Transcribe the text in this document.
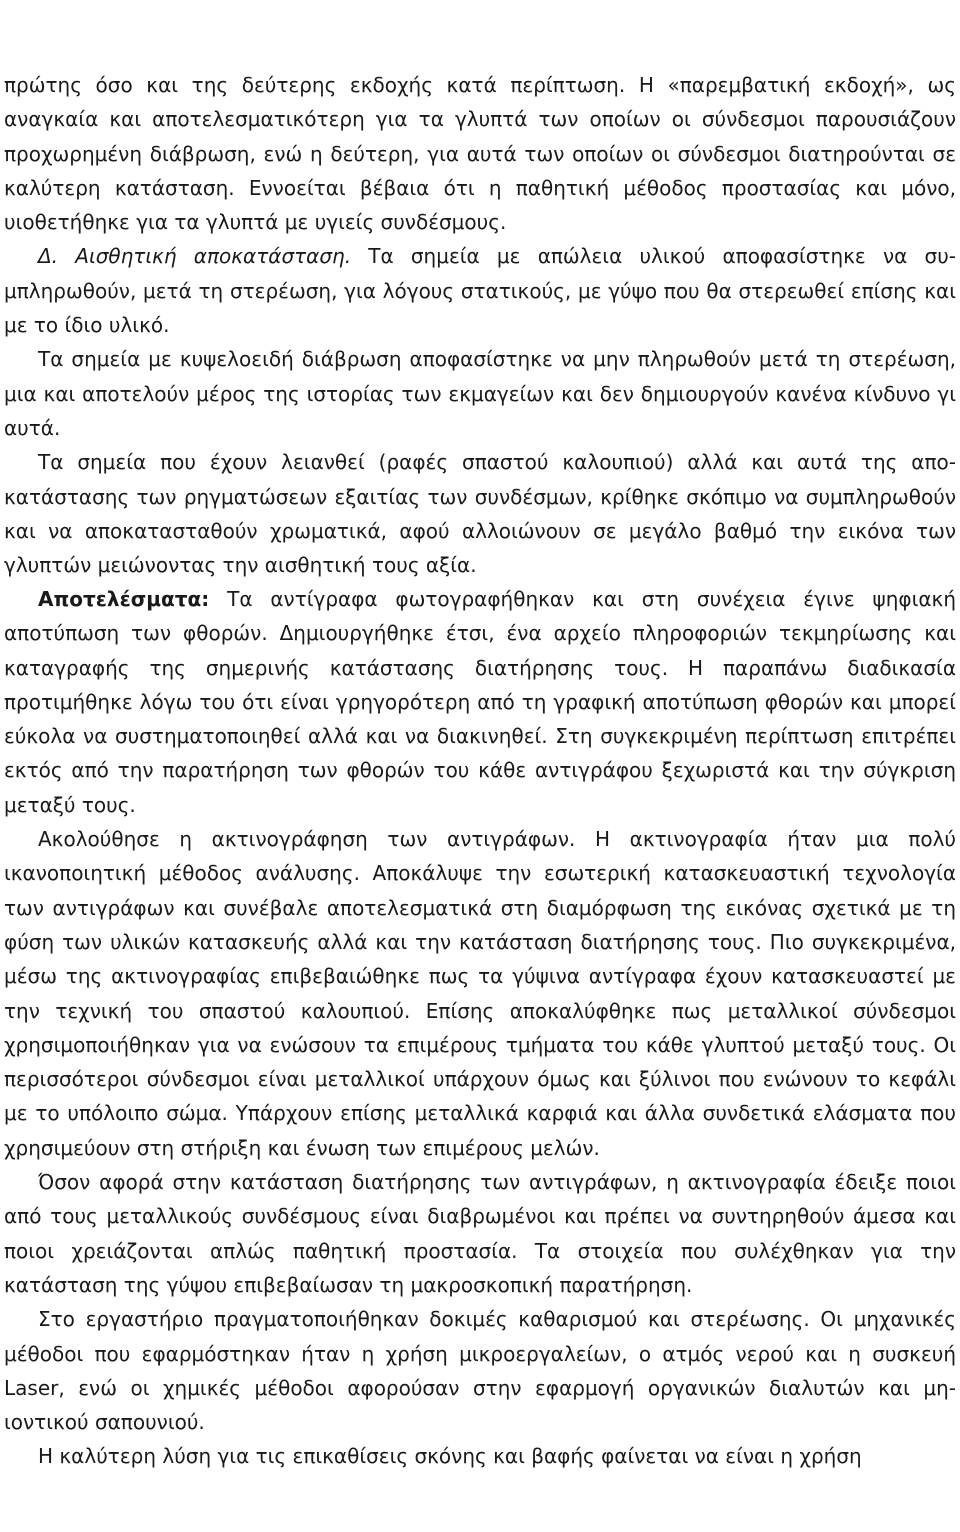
πρώτης όσο και της δεύτερης εκδοχής κατά περίπτωση. Η «παρεμβατική εκδοχή», ως αναγκαία και αποτελεσματικότερη για τα γλυπτά των οποίων οι σύνδεσμοι παρουσιάζουν προχωρημένη διάβρωση, ενώ η δεύτερη, για αυτά των οποίων οι σύνδεσμοι διατηρούνται σε καλύτερη κατάσταση. Εννοείται βέβαια ότι η παθητική μέθοδος προστασίας και μόνο, υιοθετήθηκε για τα γλυπτά με υγιείς συνδέσμους.

Δ. Αισθητική αποκατάσταση. Τα σημεία με απώλεια υλικού αποφασίστηκε να συμπληρωθούν, μετά τη στερέωση, για λόγους στατικούς, με γύψο που θα στερεωθεί επίσης και με το ίδιο υλικό.

Τα σημεία με κυψελοειδή διάβρωση αποφασίστηκε να μην πληρωθούν μετά τη στερέωση, μια και αποτελούν μέρος της ιστορίας των εκμαγείων και δεν δημιουργούν κανένα κίνδυνο γι αυτά.

Τα σημεία που έχουν λειανθεί (ραφές σπαστού καλουπιού) αλλά και αυτά της αποκατάστασης των ρηγματώσεων εξαιτίας των συνδέσμων, κρίθηκε σκόπιμο να συμπληρωθούν και να αποκατασταθούν χρωματικά, αφού αλλοιώνουν σε μεγάλο βαθμό την εικόνα των γλυπτών μειώνοντας την αισθητική τους αξία.

Αποτελέσματα: Τα αντίγραφα φωτογραφήθηκαν και στη συνέχεια έγινε ψηφιακή αποτύπωση των φθορών. Δημιουργήθηκε έτσι, ένα αρχείο πληροφοριών τεκμηρίωσης και καταγραφής της σημερινής κατάστασης διατήρησης τους. Η παραπάνω διαδικασία προτιμήθηκε λόγω του ότι είναι γρηγορότερη από τη γραφική αποτύπωση φθορών και μπορεί εύκολα να συστηματοποιηθεί αλλά και να διακινηθεί. Στη συγκεκριμένη περίπτωση επιτρέπει εκτός από την παρατήρηση των φθορών του κάθε αντιγράφου ξεχωριστά και την σύγκριση μεταξύ τους.

Ακολούθησε η ακτινογράφηση των αντιγράφων. Η ακτινογραφία ήταν μια πολύ ικανοποιητική μέθοδος ανάλυσης. Αποκάλυψε την εσωτερική κατασκευαστική τεχνολογία των αντιγράφων και συνέβαλε αποτελεσματικά στη διαμόρφωση της εικόνας σχετικά με τη φύση των υλικών κατασκευής αλλά και την κατάσταση διατήρησης τους. Πιο συγκεκριμένα, μέσω της ακτινογραφίας επιβεβαιώθηκε πως τα γύψινα αντίγραφα έχουν κατασκευαστεί με την τεχνική του σπαστού καλουπιού. Επίσης αποκαλύφθηκε πως μεταλλικοί σύνδεσμοι χρησιμοποιήθηκαν για να ενώσουν τα επιμέρους τμήματα του κάθε γλυπτού μεταξύ τους. Οι περισσότεροι σύνδεσμοι είναι μεταλλικοί υπάρχουν όμως και ξύλινοι που ενώνουν το κεφάλι με το υπόλοιπο σώμα. Υπάρχουν επίσης μεταλλικά καρφιά και άλλα συνδετικά ελάσματα που χρησιμεύουν στη στήριξη και ένωση των επιμέρους μελών.

Όσον αφορά στην κατάσταση διατήρησης των αντιγράφων, η ακτινογραφία έδειξε ποιοι από τους μεταλλικούς συνδέσμους είναι διαβρωμένοι και πρέπει να συντηρηθούν άμεσα και ποιοι χρειάζονται απλώς παθητική προστασία. Τα στοιχεία που συλέχθηκαν για την κατάσταση της γύψου επιβεβαίωσαν τη μακροσκοπική παρατήρηση.

Στο εργαστήριο πραγματοποιήθηκαν δοκιμές καθαρισμού και στερέωσης. Οι μηχανικές μέθοδοι που εφαρμόστηκαν ήταν η χρήση μικροεργαλείων, ο ατμός νερού και η συσκευή Laser, ενώ οι χημικές μέθοδοι αφορούσαν στην εφαρμογή οργανικών διαλυτών και μη-ιοντικού σαπουνιού.

Η καλύτερη λύση για τις επικαθίσεις σκόνης και βαφής φαίνεται να είναι η χρήση
